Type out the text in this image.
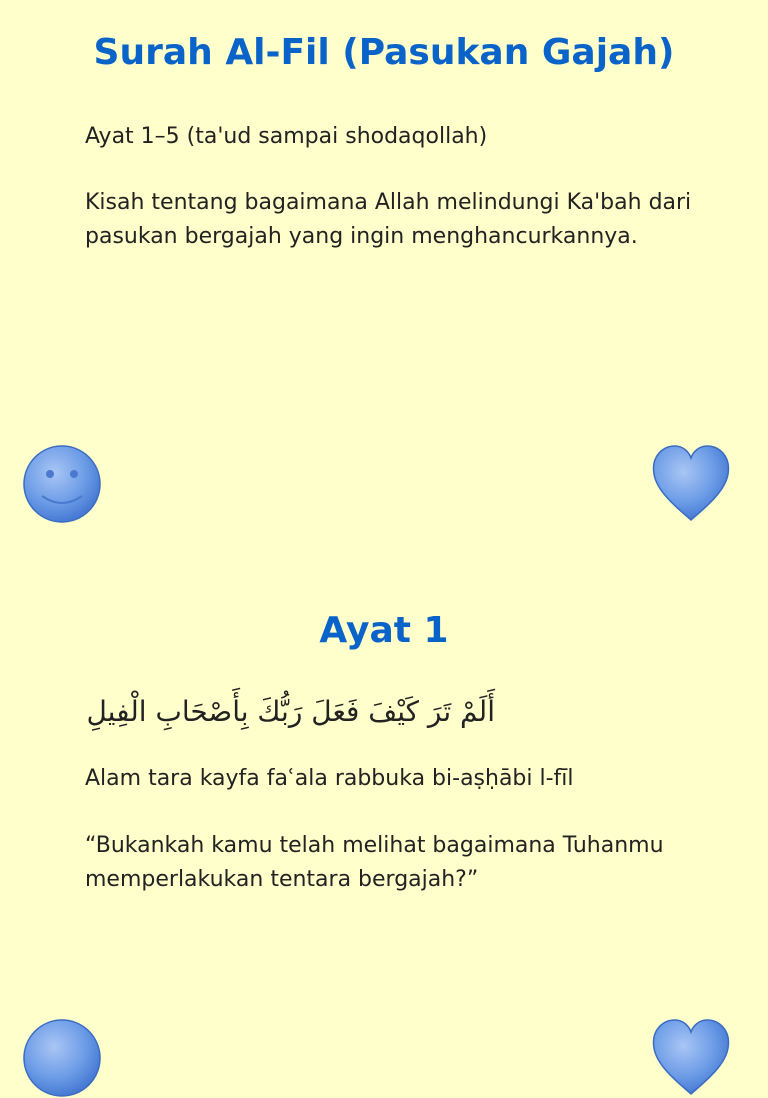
Surah Al-Fil (Pasukan Gajah)

Ayat 1–5 (ta'ud sampai shodaqollah)

Kisah tentang bagaimana Allah melindungi Ka'bah dari pasukan bergajah yang ingin menghancurkannya.

Ayat 1

أَلَمْ تَرَ كَيْفَ فَعَلَ رَبُّكَ بِأَصْحَابِ الْفِيلِ

Alam tara kayfa faʿala rabbuka bi-aṣḥābi l-fīl

“Bukankah kamu telah melihat bagaimana Tuhanmu memperlakukan tentara bergajah?”
